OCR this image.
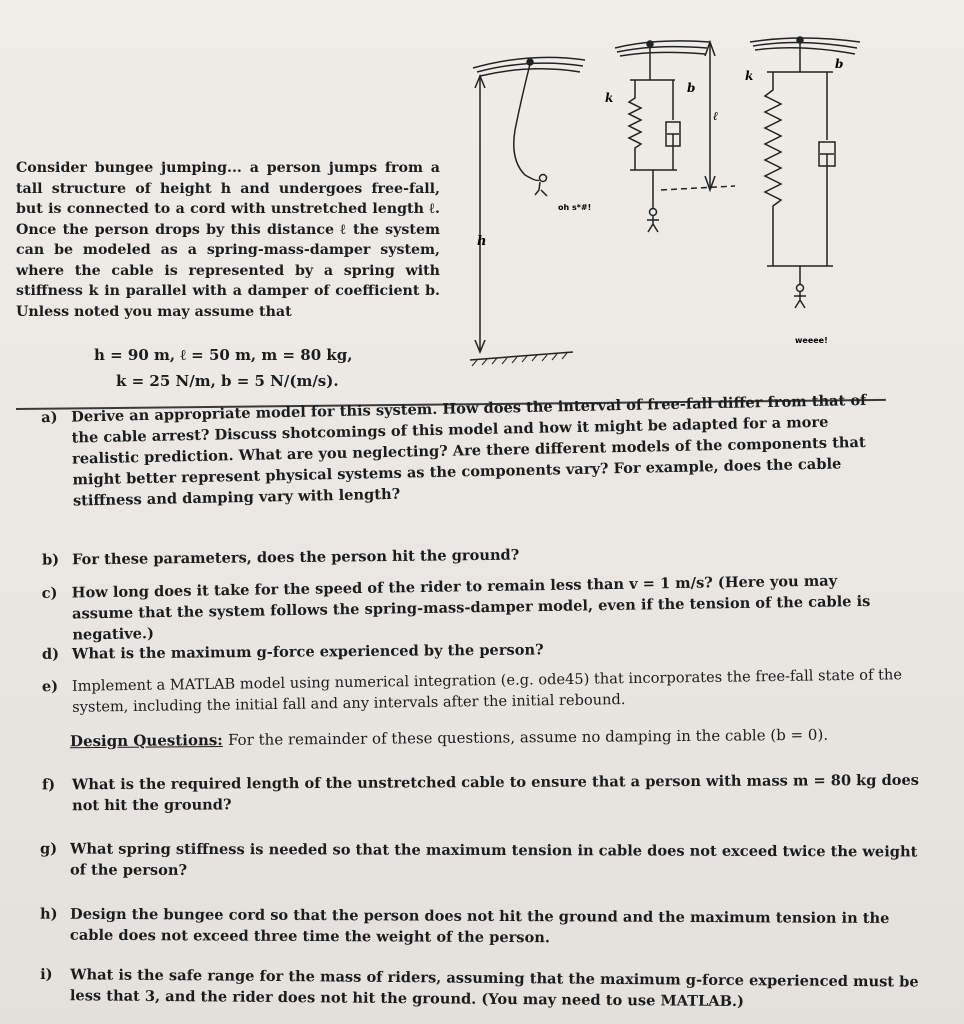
Consider bungee jumping... a person jumps from a tall structure of height h and undergoes free-fall, but is connected to a cord with unstretched length ℓ. Once the person drops by this distance ℓ the system can be modeled as a spring-mass-damper system, where the cable is represented by a spring with stiffness k in parallel with a damper of coefficient b. Unless noted you may assume that
h = 90 m, ℓ = 50 m, m = 80 kg,
k = 25 N/m, b = 5 N/(m/s).
h
oh s*#!
k
b
ℓ
k
b
weeee!
a) Derive an appropriate model for this system. How does the interval of free-fall differ from that of the cable arrest? Discuss shotcomings of this model and how it might be adapted for a more realistic prediction. What are you neglecting? Are there different models of the components that might better represent physical systems as the components vary? For example, does the cable stiffness and damping vary with length?
b) For these parameters, does the person hit the ground?
c) How long does it take for the speed of the rider to remain less than v = 1 m/s? (Here you may assume that the system follows the spring-mass-damper model, even if the tension of the cable is negative.)
d) What is the maximum g-force experienced by the person?
e) Implement a MATLAB model using numerical integration (e.g. ode45) that incorporates the free-fall state of the system, including the initial fall and any intervals after the initial rebound.
Design Questions: For the remainder of these questions, assume no damping in the cable (b = 0).
f) What is the required length of the unstretched cable to ensure that a person with mass m = 80 kg does not hit the ground?
g) What spring stiffness is needed so that the maximum tension in cable does not exceed twice the weight of the person?
h) Design the bungee cord so that the person does not hit the ground and the maximum tension in the cable does not exceed three time the weight of the person.
i) What is the safe range for the mass of riders, assuming that the maximum g-force experienced must be less that 3, and the rider does not hit the ground. (You may need to use MATLAB.)
